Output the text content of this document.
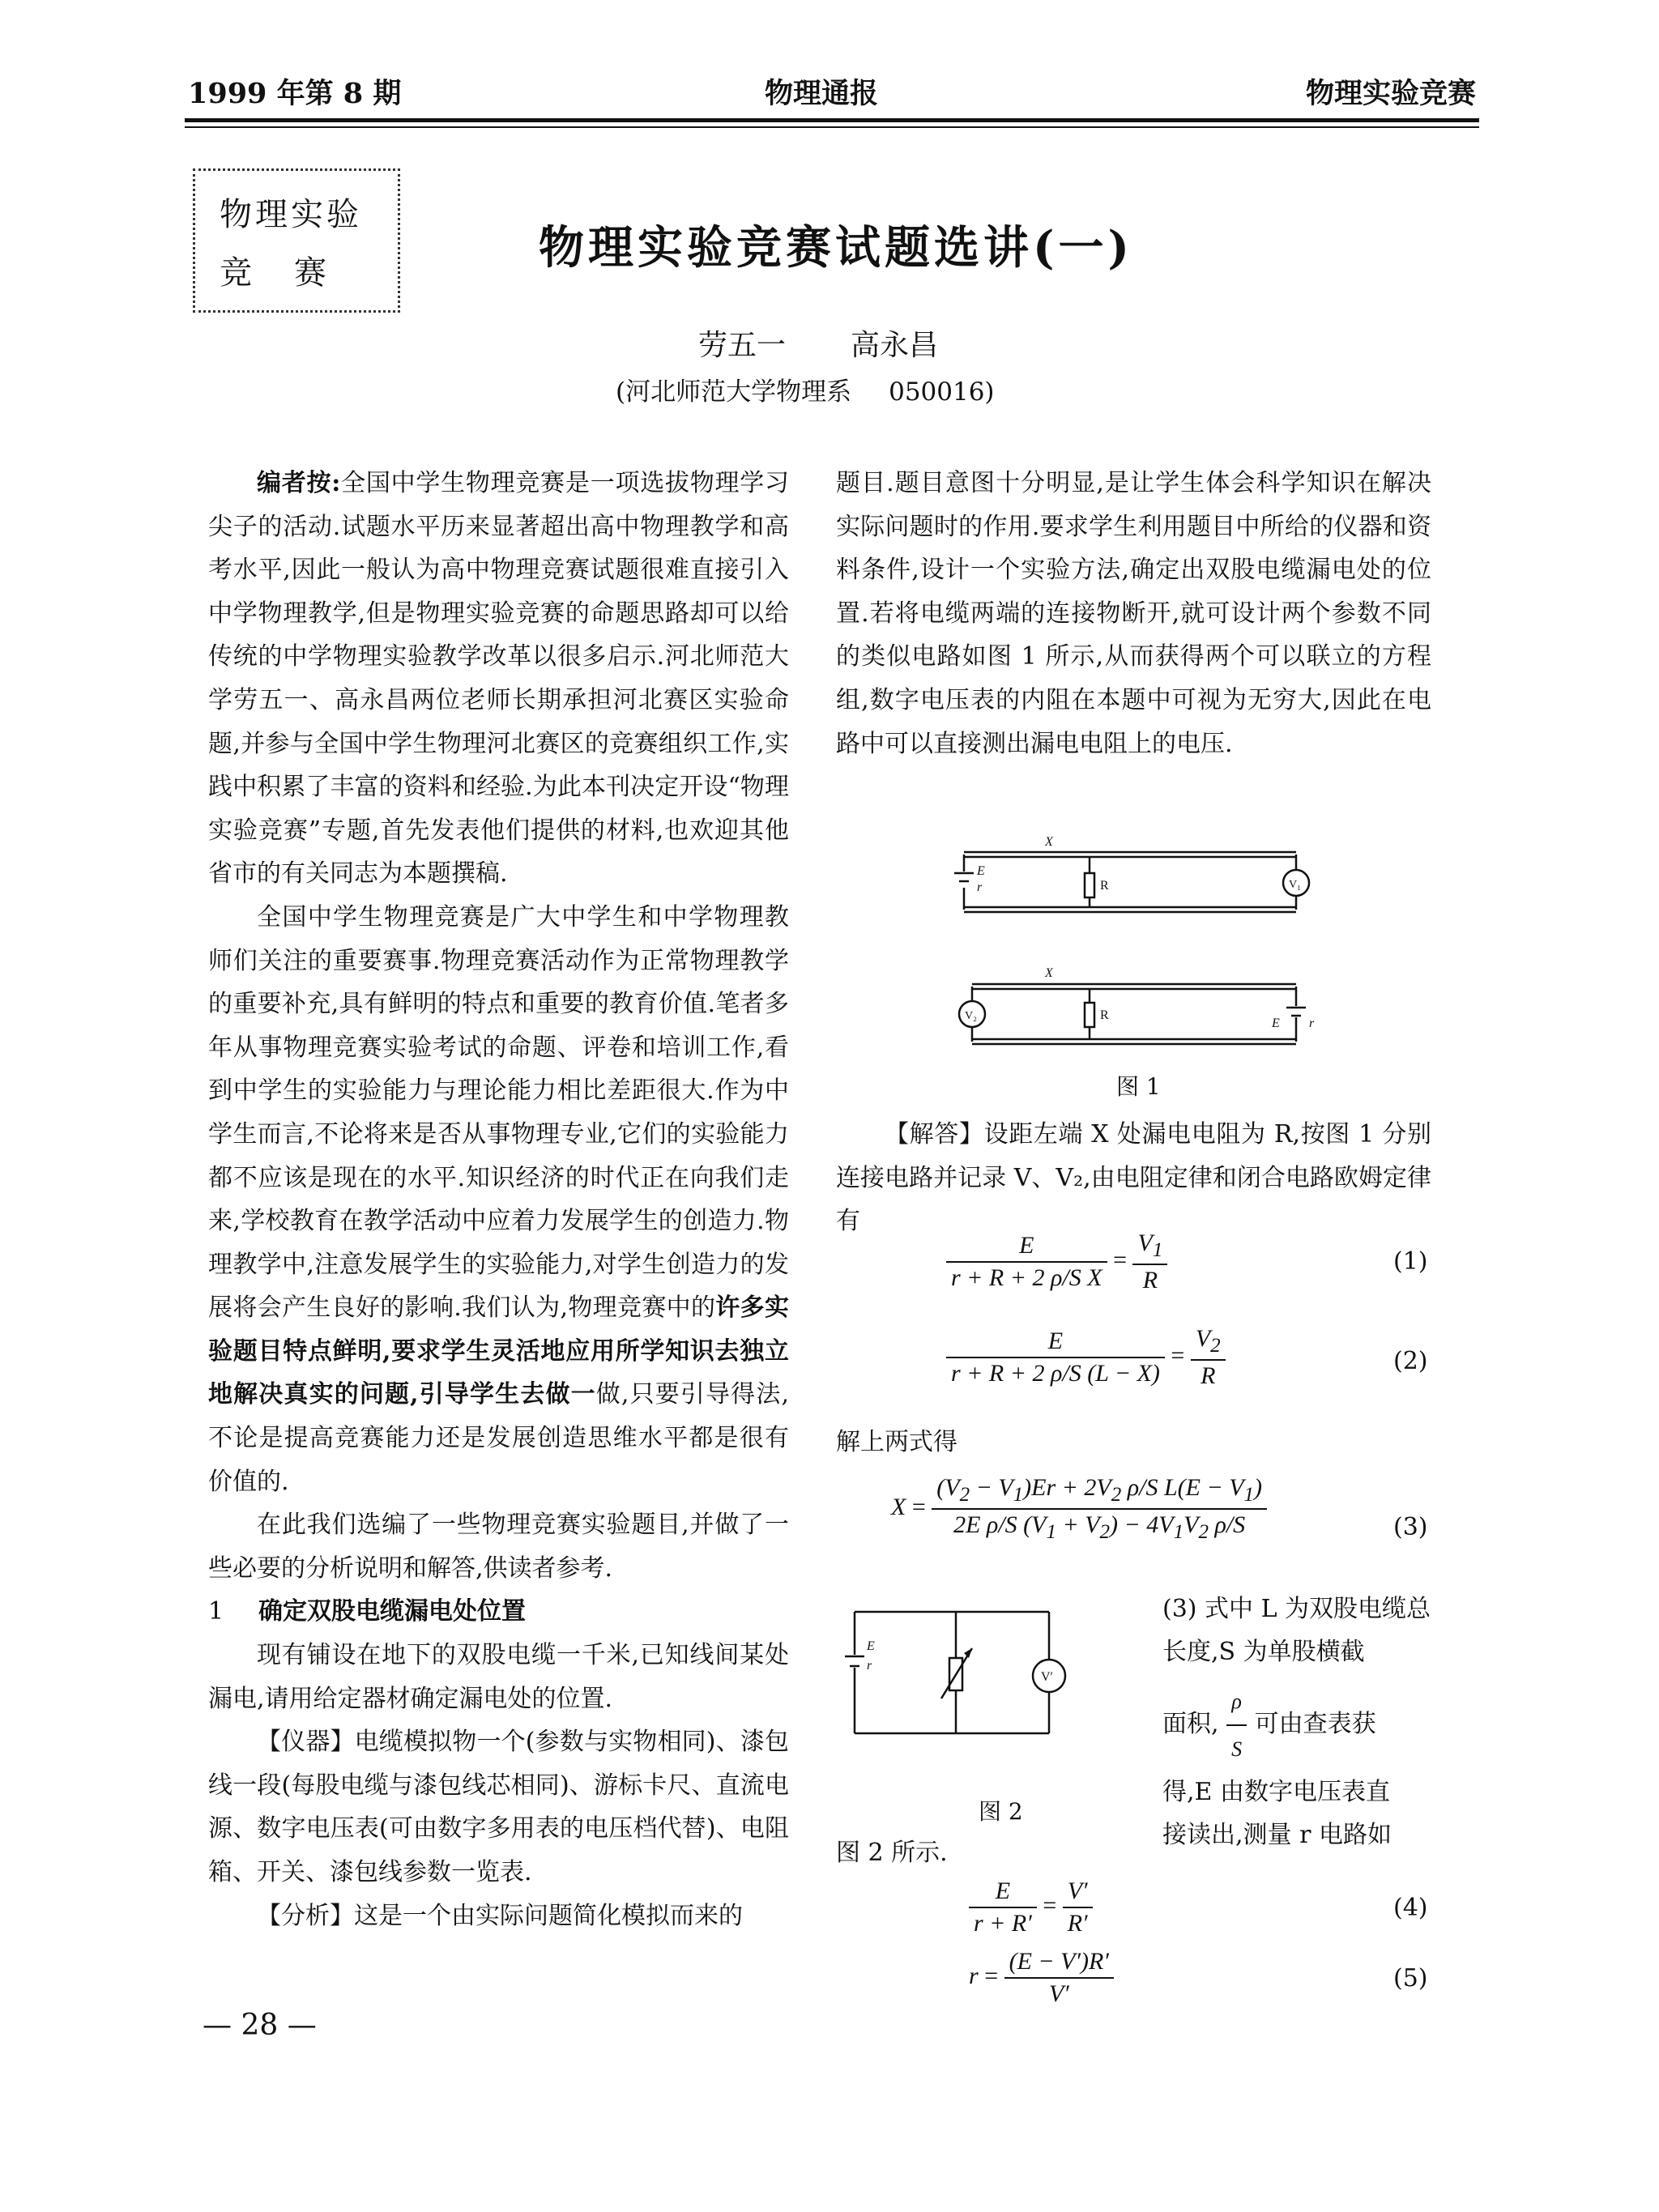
1999 年第 8 期	物理通报	物理实验竞赛
物理实验
竞 赛	物理实验竞赛试题选讲(一)
劳五一 高永昌
(河北师范大学物理系 050016)

编者按:全国中学生物理竞赛是一项选拔物理学习尖子的活动.试题水平历来显著超出高中物理教学和高考水平,因此一般认为高中物理竞赛试题很难直接引入中学物理教学,但是物理实验竞赛的命题思路却可以给传统的中学物理实验教学改革以很多启示.河北师范大学劳五一、高永昌两位老师长期承担河北赛区实验命题,并参与全国中学生物理河北赛区的竞赛组织工作,实践中积累了丰富的资料和经验.为此本刊决定开设“物理实验竞赛”专题,首先发表他们提供的材料,也欢迎其他省市的有关同志为本题撰稿.

全国中学生物理竞赛是广大中学生和中学物理教师们关注的重要赛事.物理竞赛活动作为正常物理教学的重要补充,具有鲜明的特点和重要的教育价值.笔者多年从事物理竞赛实验考试的命题、评卷和培训工作,看到中学生的实验能力与理论能力相比差距很大.作为中学生而言,不论将来是否从事物理专业,它们的实验能力都不应该是现在的水平.知识经济的时代正在向我们走来,学校教育在教学活动中应着力发展学生的创造力.物理教学中,注意发展学生的实验能力,对学生创造力的发展将会产生良好的影响.我们认为,物理竞赛中的许多实验题目特点鲜明,要求学生灵活地应用所学知识去独立地解决真实的问题,引导学生去做一做,只要引导得法,不论是提高竞赛能力还是发展创造思维水平都是很有价值的.

在此我们选编了一些物理竞赛实验题目,并做了一些必要的分析说明和解答,供读者参考.

1 确定双股电缆漏电处位置

现有铺设在地下的双股电缆一千米,已知线间某处漏电,请用给定器材确定漏电处的位置.

【仪器】电缆模拟物一个(参数与实物相同)、漆包线一段(每股电缆与漆包线芯相同)、游标卡尺、直流电源、数字电压表(可由数字多用表的电压档代替)、电阻箱、开关、漆包线参数一览表.

【分析】这是一个由实际问题简化模拟而来的

题目.题目意图十分明显,是让学生体会科学知识在解决实际问题时的作用.要求学生利用题目中所给的仪器和资料条件,设计一个实验方法,确定出双股电缆漏电处的位置.若将电缆两端的连接物断开,就可设计两个参数不同的类似电路如图 1 所示,从而获得两个可以联立的方程组,数字电压表的内阻在本题中可视为无穷大,因此在电路中可以直接测出漏电电阻上的电压.

X
E
r	R	V₁
X
V₂	R
E r
图 1

【解答】设距左端 X 处漏电电阻为 R,按图 1 分别连接电路并记录 V、V₂,由电阻定律和闭合电路欧姆定律有

$\frac{E}{\text{r + R + 2 ρ/S X}} = \frac{V_1}{R}$	(1)
$\frac{E}{r + R + 2 \rho/S (L - X)} = \frac{V_2}{R}$	(2)
解上两式得
$X = \frac{(V_2 - V_1)Er + 2V_2 \rho/S L(E - V_1)}{2E \rho/S (V_1 + V_2) - 4V_1V_2 \rho/S}$	(3)
E
r
V′
图 2
(3) 式中 L 为双股电缆总长度,S 为单股横截
面积, $\frac{\rho}{S}$ 可由查表获
得,E 由数字电压表直
接读出,测量 r 电路如
图 2 所示.
$\frac{E}{r + R'} = \frac{V'}{R'}$	(4)
$r = \frac{(E - V')R'}{V'}$	(5)
— 28 —
